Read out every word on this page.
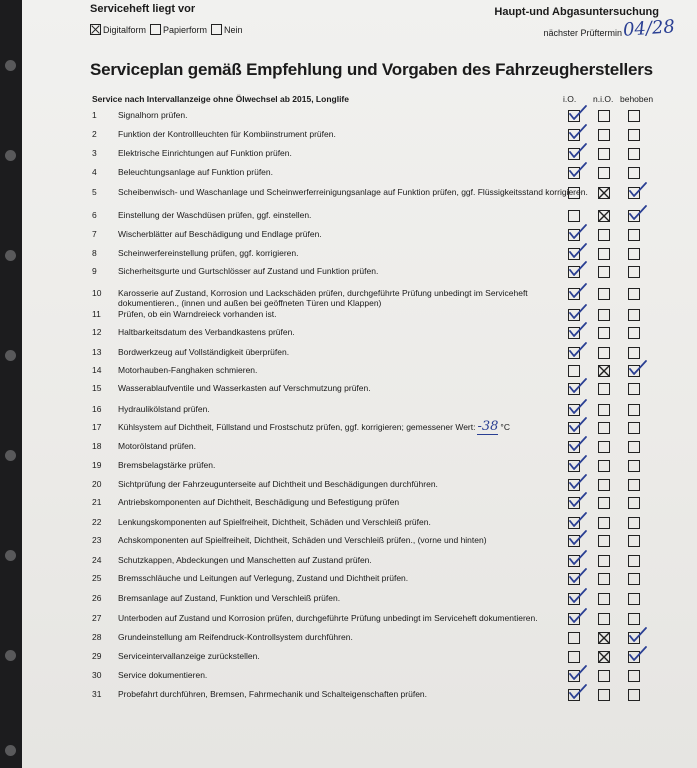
Serviceheft liegt vor	Haupt-und Abgasuntersuchung
Digitalform Papierform Nein	nächster Prüftermin 04/28
Serviceplan gemäß Empfehlung und Vorgaben des Fahrzeugherstellers
Service nach Intervallanzeige ohne Ölwechsel ab 2015, Longlife	i.O. n.i.O. behoben
1	Signalhorn prüfen.
2	Funktion der Kontrollleuchten für Kombiinstrument prüfen.
3	Elektrische Einrichtungen auf Funktion prüfen.
4	Beleuchtungsanlage auf Funktion prüfen.
5	Scheibenwisch- und Waschanlage und Scheinwerferreinigungsanlage auf Funktion prüfen, ggf. Flüssigkeitsstand korrigieren.
6	Einstellung der Waschdüsen prüfen, ggf. einstellen.
7	Wischerblätter auf Beschädigung und Endlage prüfen.
8	Scheinwerfereinstellung prüfen, ggf. korrigieren.
9	Sicherheitsgurte und Gurtschlösser auf Zustand und Funktion prüfen.
10	Karosserie auf Zustand, Korrosion und Lackschäden prüfen, durchgeführte Prüfung unbedingt im Serviceheft dokumentieren., (innen und außen bei geöffneten Türen und Klappen)
11	Prüfen, ob ein Warndreieck vorhanden ist.
12	Haltbarkeitsdatum des Verbandkastens prüfen.
13	Bordwerkzeug auf Vollständigkeit überprüfen.
14	Motorhauben-Fanghaken schmieren.
15	Wasserablaufventile und Wasserkasten auf Verschmutzung prüfen.
16	Hydraulikölstand prüfen.
17	Kühlsystem auf Dichtheit, Füllstand und Frostschutz prüfen, ggf. korrigieren; gemessener Wert: -38 °C
18	Motorölstand prüfen.
19	Bremsbelagstärke prüfen.
20	Sichtprüfung der Fahrzeugunterseite auf Dichtheit und Beschädigungen durchführen.
21	Antriebskomponenten auf Dichtheit, Beschädigung und Befestigung prüfen
22	Lenkungskomponenten auf Spielfreiheit, Dichtheit, Schäden und Verschleiß prüfen.
23	Achskomponenten auf Spielfreiheit, Dichtheit, Schäden und Verschleiß prüfen., (vorne und hinten)
24	Schutzkappen, Abdeckungen und Manschetten auf Zustand prüfen.
25	Bremsschläuche und Leitungen auf Verlegung, Zustand und Dichtheit prüfen.
26	Bremsanlage auf Zustand, Funktion und Verschleiß prüfen.
27	Unterboden auf Zustand und Korrosion prüfen, durchgeführte Prüfung unbedingt im Serviceheft dokumentieren.
28	Grundeinstellung am Reifendruck-Kontrollsystem durchführen.
29	Serviceintervallanzeige zurückstellen.
30	Service dokumentieren.
31	Probefahrt durchführen, Bremsen, Fahrmechanik und Schalteigenschaften prüfen.
